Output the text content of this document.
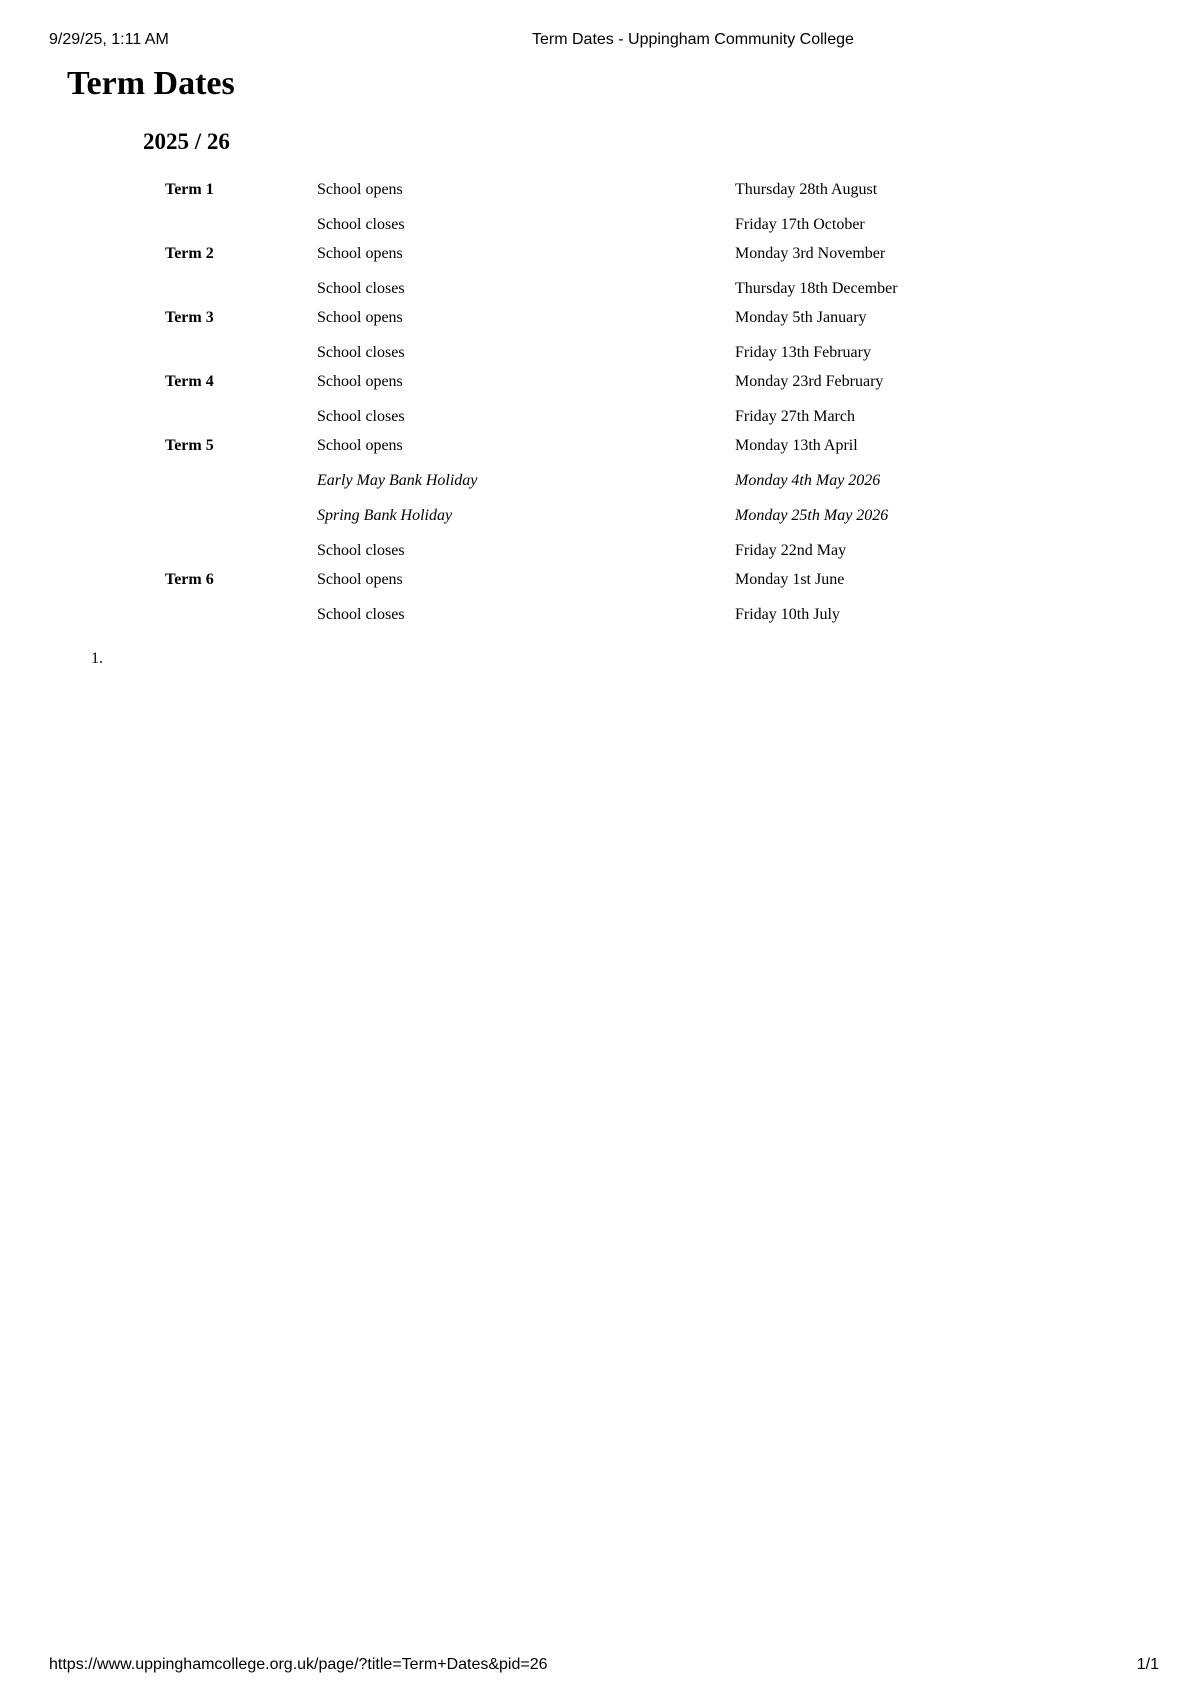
9/29/25, 1:11 AM	Term Dates - Uppingham Community College
Term Dates
2025 / 26
Term 1	School opens	Thursday 28th August
	School closes	Friday 17th October
Term 2	School opens	Monday 3rd November
	School closes	Thursday 18th December
Term 3	School opens	Monday 5th January
	School closes	Friday 13th February
Term 4	School opens	Monday 23rd February
	School closes	Friday 27th March
Term 5	School opens	Monday 13th April
	Early May Bank Holiday	Monday 4th May 2026
	Spring Bank Holiday	Monday 25th May 2026
	School closes	Friday 22nd May
Term 6	School opens	Monday 1st June
	School closes	Friday 10th July
1.
https://www.uppinghamcollege.org.uk/page/?title=Term+Dates&pid=26	1/1
